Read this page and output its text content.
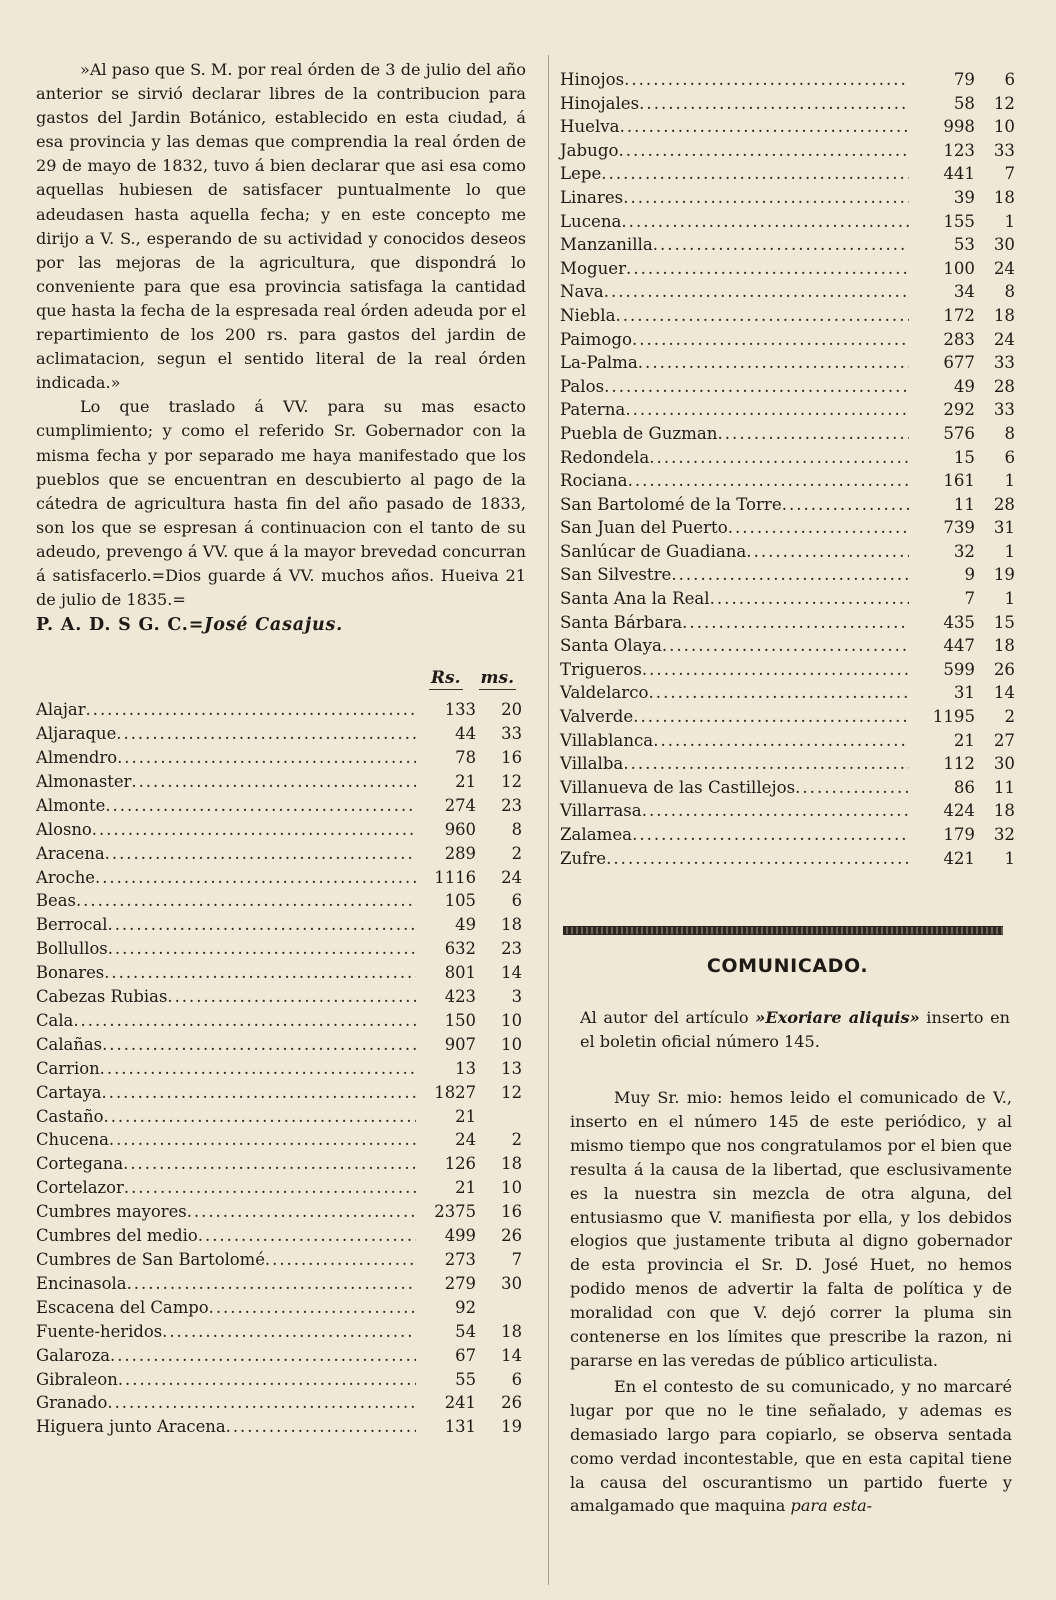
»Al paso que S. M. por real órden de 3 de julio del año anterior se sirvió declarar libres de la contribucion para gastos del Jardin Botánico, establecido en esta ciudad, á esa provincia y las demas que comprendia la real órden de 29 de mayo de 1832, tuvo á bien declarar que asi esa como aquellas hubiesen de satisfacer puntualmente lo que adeudasen hasta aquella fecha; y en este concepto me dirijo a V. S., esperando de su actividad y conocidos deseos por las mejoras de la agricultura, que dispondrá lo conveniente para que esa provincia satisfaga la cantidad que hasta la fecha de la espresada real órden adeuda por el repartimiento de los 200 rs. para gastos del jardin de aclimatacion, segun el sentido literal de la real órden indicada.»

Lo que traslado á VV. para su mas esacto cumplimiento; y como el referido Sr. Gobernador con la misma fecha y por separado me haya manifestado que los pueblos que se encuentran en descubierto al pago de la cátedra de agricultura hasta fin del año pasado de 1833, son los que se espresan á continuacion con el tanto de su adeudo, prevengo á VV. que á la mayor brevedad concurran á satisfacerlo.=Dios guarde á VV. muchos años. Hueiva 21 de julio de 1835.=

P. A. D. S G. C.=José Casajus.

Rs. ms.
Alajar .....	133	20
Aljaraque .....	44	33
Almendro .....	78	16
Almonaster .....	21	12
Almonte .....	274	23
Alosno .....	960	8
Aracena .....	289	2
Aroche .....	1116	24
Beas .....	105	6
Berrocal .....	49	18
Bollullos .....	632	23
Bonares .....	801	14
Cabezas Rubias .....	423	3
Cala .....	150	10
Calañas .....	907	10
Carrion .....	13	13
Cartaya .....	1827	12
Castaño .....	21
Chucena .....	24	2
Cortegana .....	126	18
Cortelazor .....	21	10
Cumbres mayores .....	2375	16
Cumbres del medio .....	499	26
Cumbres de San Bartolomé .....	273	7
Encinasola .....	279	30
Escacena del Campo .....	92
Fuente-heridos .....	54	18
Galaroza .....	67	14
Gibraleon .....	55	6
Granado .....	241	26
Higuera junto Aracena .....	131	19
Hinojos .....	79	6
Hinojales .....	58	12
Huelva .....	998	10
Jabugo .....	123	33
Lepe .....	441	7
Linares .....	39	18
Lucena .....	155	1
Manzanilla .....	53	30
Moguer .....	100	24
Nava .....	34	8
Niebla .....	172	18
Paimogo .....	283	24
La-Palma .....	677	33
Palos .....	49	28
Paterna .....	292	33
Puebla de Guzman .....	576	8
Redondela .....	15	6
Rociana .....	161	1
San Bartolomé de la Torre .....	11	28
San Juan del Puerto .....	739	31
Sanlúcar de Guadiana .....	32	1
San Silvestre .....	9	19
Santa Ana la Real .....	7	1
Santa Bárbara .....	435	15
Santa Olaya .....	447	18
Trigueros .....	599	26
Valdelarco .....	31	14
Valverde .....	1195	2
Villablanca .....	21	27
Villalba .....	112	30
Villanueva de las Castillejos .....	86	11
Villarrasa .....	424	18
Zalamea .....	179	32
Zufre .....	421	1
COMUNICADO.
Al autor del artículo »Exoriare aliquis» inserto en el boletin oficial número 145.

Muy Sr. mio: hemos leido el comunicado de V., inserto en el número 145 de este periódico, y al mismo tiempo que nos congratulamos por el bien que resulta á la causa de la libertad, que esclusivamente es la nuestra sin mezcla de otra alguna, del entusiasmo que V. manifiesta por ella, y los debidos elogios que justamente tributa al digno gobernador de esta provincia el Sr. D. José Huet, no hemos podido menos de advertir la falta de política y de moralidad con que V. dejó correr la pluma sin contenerse en los límites que prescribe la razon, ni pararse en las veredas de público articulista.

En el contesto de su comunicado, y no marcaré lugar por que no le tine señalado, y ademas es demasiado largo para copiarlo, se observa sentada como verdad incontestable, que en esta capital tiene la causa del oscurantismo un partido fuerte y amalgamado que maquina para esta-
